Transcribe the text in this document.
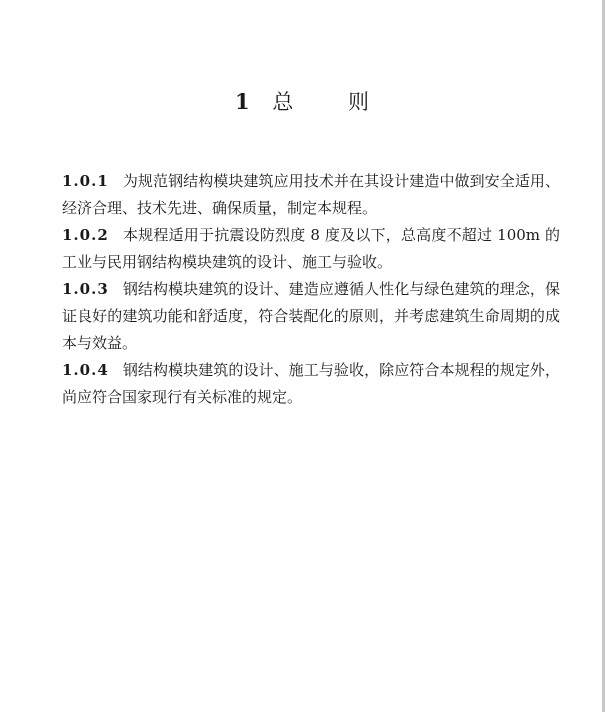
1 总	则

1.0.1 为规范钢结构模块建筑应用技术并在其设计建造中做到安全适用、经济合理、技术先进、确保质量，制定本规程。

1.0.2 本规程适用于抗震设防烈度 8 度及以下，总高度不超过 100m 的工业与民用钢结构模块建筑的设计、施工与验收。

1.0.3 钢结构模块建筑的设计、建造应遵循人性化与绿色建筑的理念，保证良好的建筑功能和舒适度，符合装配化的原则，并考虑建筑生命周期的成本与效益。

1.0.4 钢结构模块建筑的设计、施工与验收，除应符合本规程的规定外，尚应符合国家现行有关标准的规定。
